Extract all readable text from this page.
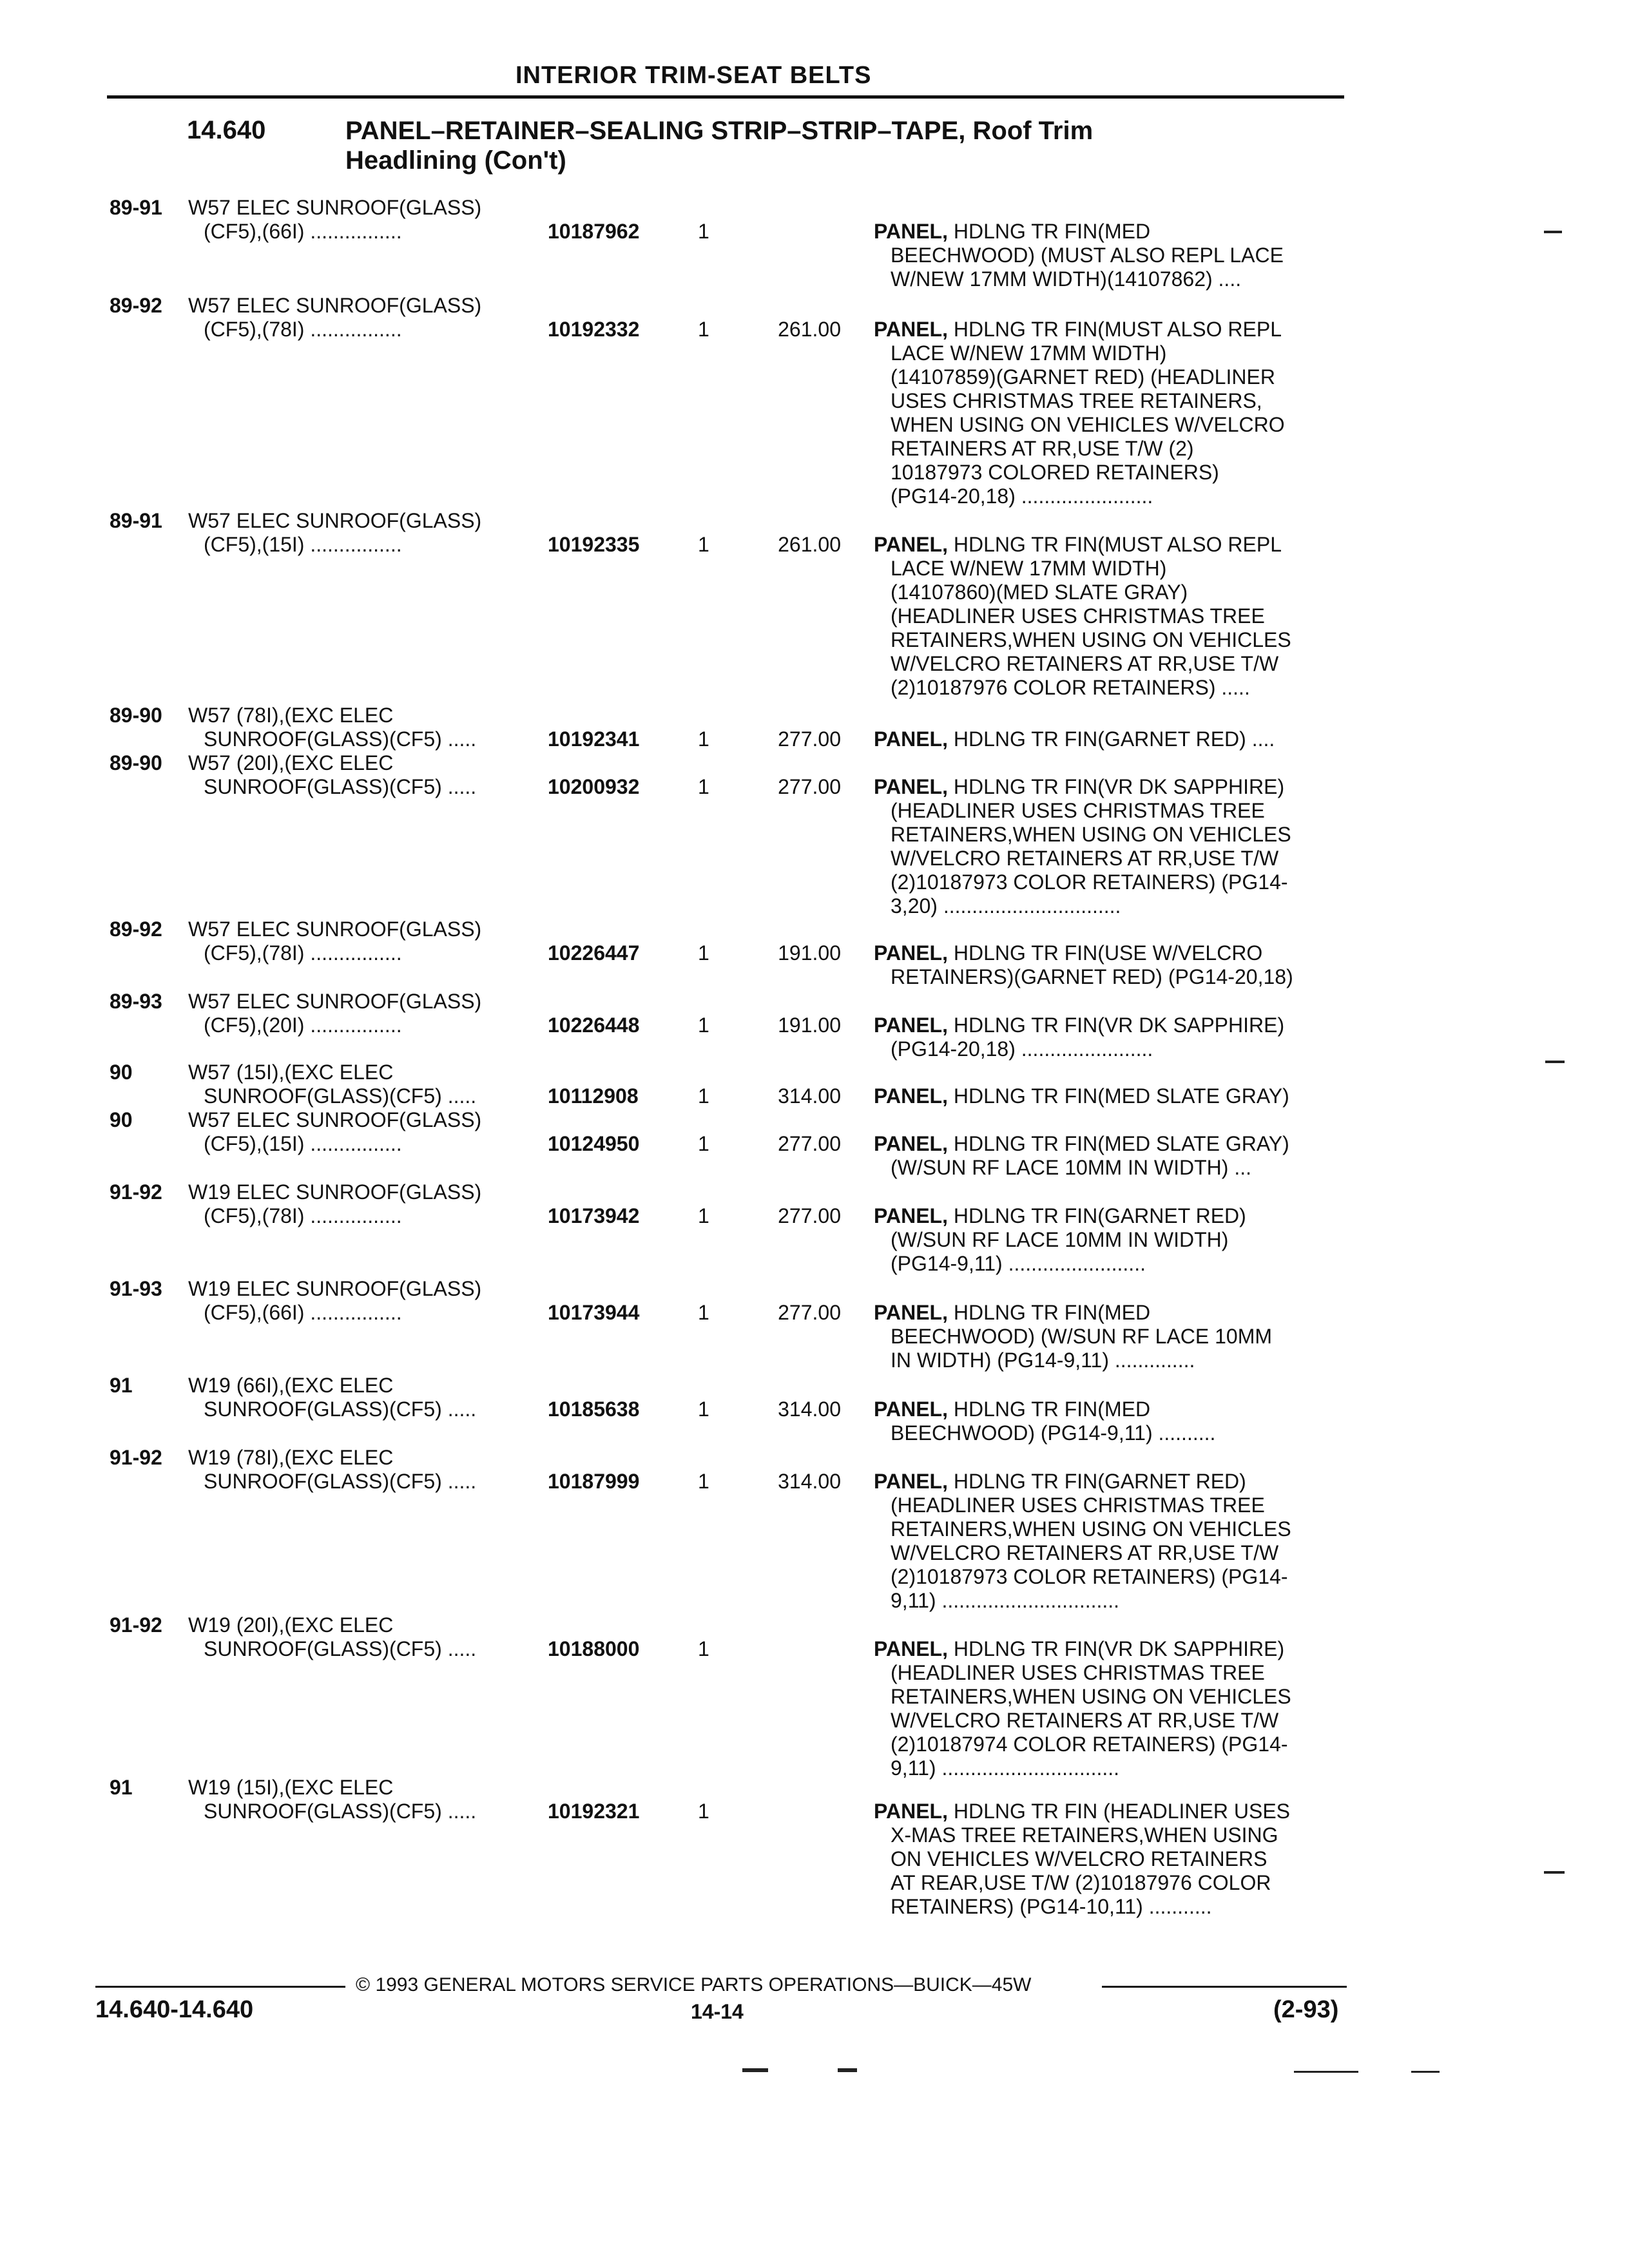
INTERIOR TRIM-SEAT BELTS
14.640	PANEL–RETAINER–SEALING STRIP–STRIP–TAPE, Roof Trim
Headlining (Con't)
89-91 W57 ELEC SUNROOF(GLASS)
(CF5),(66I) ................	10187962	1	PANEL, HDLNG TR FIN(MED
BEECHWOOD) (MUST ALSO REPL LACE
W/NEW 17MM WIDTH)(14107862) ....
89-92 W57 ELEC SUNROOF(GLASS)
(CF5),(78I) ................	10192332	1	261.00 PANEL, HDLNG TR FIN(MUST ALSO REPL
LACE W/NEW 17MM WIDTH)
(14107859)(GARNET RED) (HEADLINER
USES CHRISTMAS TREE RETAINERS,
WHEN USING ON VEHICLES W/VELCRO
RETAINERS AT RR,USE T/W (2)
10187973 COLORED RETAINERS)
(PG14-20,18) .......................
89-91 W57 ELEC SUNROOF(GLASS)
(CF5),(15I) ................	10192335	1	261.00 PANEL, HDLNG TR FIN(MUST ALSO REPL
LACE W/NEW 17MM WIDTH)
(14107860)(MED SLATE GRAY)
(HEADLINER USES CHRISTMAS TREE
RETAINERS,WHEN USING ON VEHICLES
W/VELCRO RETAINERS AT RR,USE T/W
(2)10187976 COLOR RETAINERS) .....
89-90 W57 (78I),(EXC ELEC
SUNROOF(GLASS)(CF5) .....	10192341	1	277.00 PANEL, HDLNG TR FIN(GARNET RED) ....
89-90 W57 (20I),(EXC ELEC
SUNROOF(GLASS)(CF5) .....	10200932	1	277.00 PANEL, HDLNG TR FIN(VR DK SAPPHIRE)
(HEADLINER USES CHRISTMAS TREE
RETAINERS,WHEN USING ON VEHICLES
W/VELCRO RETAINERS AT RR,USE T/W
(2)10187973 COLOR RETAINERS) (PG14-
3,20) ...............................
89-92 W57 ELEC SUNROOF(GLASS)
(CF5),(78I) ................	10226447	1	191.00 PANEL, HDLNG TR FIN(USE W/VELCRO
RETAINERS)(GARNET RED) (PG14-20,18)
89-93 W57 ELEC SUNROOF(GLASS)
(CF5),(20I) ................	10226448	1	191.00 PANEL, HDLNG TR FIN(VR DK SAPPHIRE)
(PG14-20,18) .......................
90	W57 (15I),(EXC ELEC
SUNROOF(GLASS)(CF5) .....	10112908	1	314.00 PANEL, HDLNG TR FIN(MED SLATE GRAY)
90	W57 ELEC SUNROOF(GLASS)
(CF5),(15I) ................	10124950	1	277.00 PANEL, HDLNG TR FIN(MED SLATE GRAY)
(W/SUN RF LACE 10MM IN WIDTH) ...
91-92 W19 ELEC SUNROOF(GLASS)
(CF5),(78I) ................	10173942	1	277.00 PANEL, HDLNG TR FIN(GARNET RED)
(W/SUN RF LACE 10MM IN WIDTH)
(PG14-9,11) ........................
91-93 W19 ELEC SUNROOF(GLASS)
(CF5),(66I) ................	10173944	1	277.00 PANEL, HDLNG TR FIN(MED
BEECHWOOD) (W/SUN RF LACE 10MM
IN WIDTH) (PG14-9,11) ..............
91	W19 (66I),(EXC ELEC
SUNROOF(GLASS)(CF5) .....	10185638	1	314.00 PANEL, HDLNG TR FIN(MED
BEECHWOOD) (PG14-9,11) ..........
91-92 W19 (78I),(EXC ELEC
SUNROOF(GLASS)(CF5) .....	10187999	1	314.00 PANEL, HDLNG TR FIN(GARNET RED)
(HEADLINER USES CHRISTMAS TREE
RETAINERS,WHEN USING ON VEHICLES
W/VELCRO RETAINERS AT RR,USE T/W
(2)10187973 COLOR RETAINERS) (PG14-
9,11) ...............................
91-92 W19 (20I),(EXC ELEC
SUNROOF(GLASS)(CF5) .....	10188000	1	PANEL, HDLNG TR FIN(VR DK SAPPHIRE)
(HEADLINER USES CHRISTMAS TREE
RETAINERS,WHEN USING ON VEHICLES
W/VELCRO RETAINERS AT RR,USE T/W
(2)10187974 COLOR RETAINERS) (PG14-
9,11) ...............................
91	W19 (15I),(EXC ELEC
SUNROOF(GLASS)(CF5) .....	10192321	1	PANEL, HDLNG TR FIN (HEADLINER USES
X-MAS TREE RETAINERS,WHEN USING
ON VEHICLES W/VELCRO RETAINERS
AT REAR,USE T/W (2)10187976 COLOR
RETAINERS) (PG14-10,11) ...........
© 1993 GENERAL MOTORS SERVICE PARTS OPERATIONS—BUICK—45W
14.640-14.640	14-14	(2-93)
